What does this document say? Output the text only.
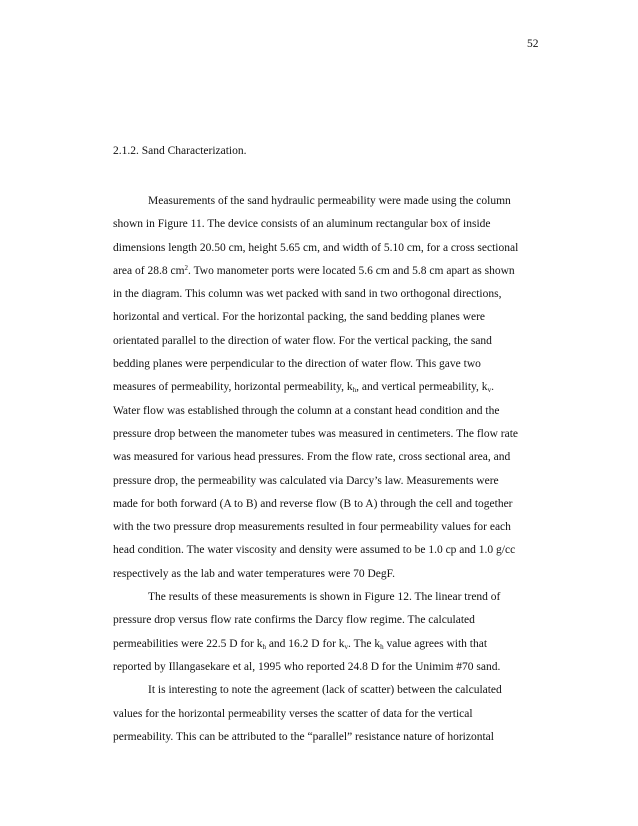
52
2.1.2. Sand Characterization.
Measurements of the sand hydraulic permeability were made using the column
shown in Figure 11. The device consists of an aluminum rectangular box of inside
dimensions length 20.50 cm, height 5.65 cm, and width of 5.10 cm, for a cross sectional
area of 28.8 $cm^2$. Two manometer ports were located 5.6 cm and 5.8 cm apart as shown
in the diagram. This column was wet packed with sand in two orthogonal directions,
horizontal and vertical. For the horizontal packing, the sand bedding planes were
orientated parallel to the direction of water flow. For the vertical packing, the sand
bedding planes were perpendicular to the direction of water flow. This gave two
measures of permeability, horizontal permeability, $k_h$, and vertical permeability, $k_v$.
Water flow was established through the column at a constant head condition and the
pressure drop between the manometer tubes was measured in centimeters. The flow rate
was measured for various head pressures. From the flow rate, cross sectional area, and
pressure drop, the permeability was calculated via Darcy’s law. Measurements were
made for both forward (A to B) and reverse flow (B to A) through the cell and together
with the two pressure drop measurements resulted in four permeability values for each
head condition. The water viscosity and density were assumed to be 1.0 cp and 1.0 g/cc
respectively as the lab and water temperatures were 70 DegF.
The results of these measurements is shown in Figure 12. The linear trend of
pressure drop versus flow rate confirms the Darcy flow regime. The calculated
permeabilities were 22.5 D for $k_h$ and 16.2 D for $k_v$. The $k_h$ value agrees with that
reported by Illangasekare et al, 1995 who reported 24.8 D for the Unimim #70 sand.
It is interesting to note the agreement (lack of scatter) between the calculated
values for the horizontal permeability verses the scatter of data for the vertical
permeability. This can be attributed to the “parallel” resistance nature of horizontal
